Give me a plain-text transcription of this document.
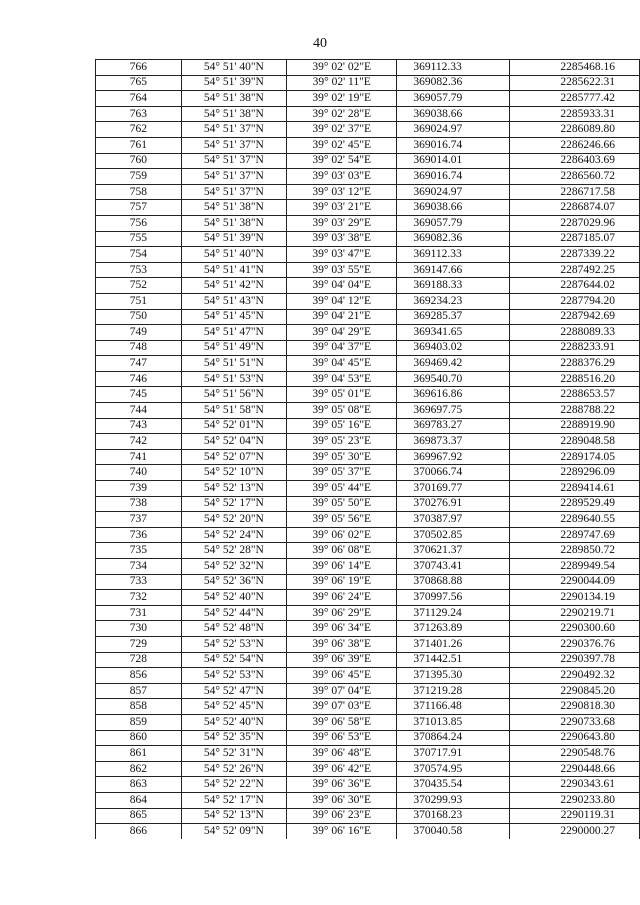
40
766	54° 51' 40"N	39° 02' 02"E	369112.33	2285468.16
765	54° 51' 39"N	39° 02' 11"E	369082.36	2285622.31
764	54° 51' 38"N	39° 02' 19"E	369057.79	2285777.42
763	54° 51' 38"N	39° 02' 28"E	369038.66	2285933.31
762	54° 51' 37"N	39° 02' 37"E	369024.97	2286089.80
761	54° 51' 37"N	39° 02' 45"E	369016.74	2286246.66
760	54° 51' 37"N	39° 02' 54"E	369014.01	2286403.69
759	54° 51' 37"N	39° 03' 03"E	369016.74	2286560.72
758	54° 51' 37"N	39° 03' 12"E	369024.97	2286717.58
757	54° 51' 38"N	39° 03' 21"E	369038.66	2286874.07
756	54° 51' 38"N	39° 03' 29"E	369057.79	2287029.96
755	54° 51' 39"N	39° 03' 38"E	369082.36	2287185.07
754	54° 51' 40"N	39° 03' 47"E	369112.33	2287339.22
753	54° 51' 41"N	39° 03' 55"E	369147.66	2287492.25
752	54° 51' 42"N	39° 04' 04"E	369188.33	2287644.02
751	54° 51' 43"N	39° 04' 12"E	369234.23	2287794.20
750	54° 51' 45"N	39° 04' 21"E	369285.37	2287942.69
749	54° 51' 47"N	39° 04' 29"E	369341.65	2288089.33
748	54° 51' 49"N	39° 04' 37"E	369403.02	2288233.91
747	54° 51' 51"N	39° 04' 45"E	369469.42	2288376.29
746	54° 51' 53"N	39° 04' 53"E	369540.70	2288516.20
745	54° 51' 56"N	39° 05' 01"E	369616.86	2288653.57
744	54° 51' 58"N	39° 05' 08"E	369697.75	2288788.22
743	54° 52' 01"N	39° 05' 16"E	369783.27	2288919.90
742	54° 52' 04"N	39° 05' 23"E	369873.37	2289048.58
741	54° 52' 07"N	39° 05' 30"E	369967.92	2289174.05
740	54° 52' 10"N	39° 05' 37"E	370066.74	2289296.09
739	54° 52' 13"N	39° 05' 44"E	370169.77	2289414.61
738	54° 52' 17"N	39° 05' 50"E	370276.91	2289529.49
737	54° 52' 20"N	39° 05' 56"E	370387.97	2289640.55
736	54° 52' 24"N	39° 06' 02"E	370502.85	2289747.69
735	54° 52' 28"N	39° 06' 08"E	370621.37	2289850.72
734	54° 52' 32"N	39° 06' 14"E	370743.41	2289949.54
733	54° 52' 36"N	39° 06' 19"E	370868.88	2290044.09
732	54° 52' 40"N	39° 06' 24"E	370997.56	2290134.19
731	54° 52' 44"N	39° 06' 29"E	371129.24	2290219.71
730	54° 52' 48"N	39° 06' 34"E	371263.89	2290300.60
729	54° 52' 53"N	39° 06' 38"E	371401.26	2290376.76
728	54° 52' 54"N	39° 06' 39"E	371442.51	2290397.78
856	54° 52' 53"N	39° 06' 45"E	371395.30	2290492.32
857	54° 52' 47"N	39° 07' 04"E	371219.28	2290845.20
858	54° 52' 45"N	39° 07' 03"E	371166.48	2290818.30
859	54° 52' 40"N	39° 06' 58"E	371013.85	2290733.68
860	54° 52' 35"N	39° 06' 53"E	370864.24	2290643.80
861	54° 52' 31"N	39° 06' 48"E	370717.91	2290548.76
862	54° 52' 26"N	39° 06' 42"E	370574.95	2290448.66
863	54° 52' 22"N	39° 06' 36"E	370435.54	2290343.61
864	54° 52' 17"N	39° 06' 30"E	370299.93	2290233.80
865	54° 52' 13"N	39° 06' 23"E	370168.23	2290119.31
866	54° 52' 09"N	39° 06' 16"E	370040.58	2290000.27
